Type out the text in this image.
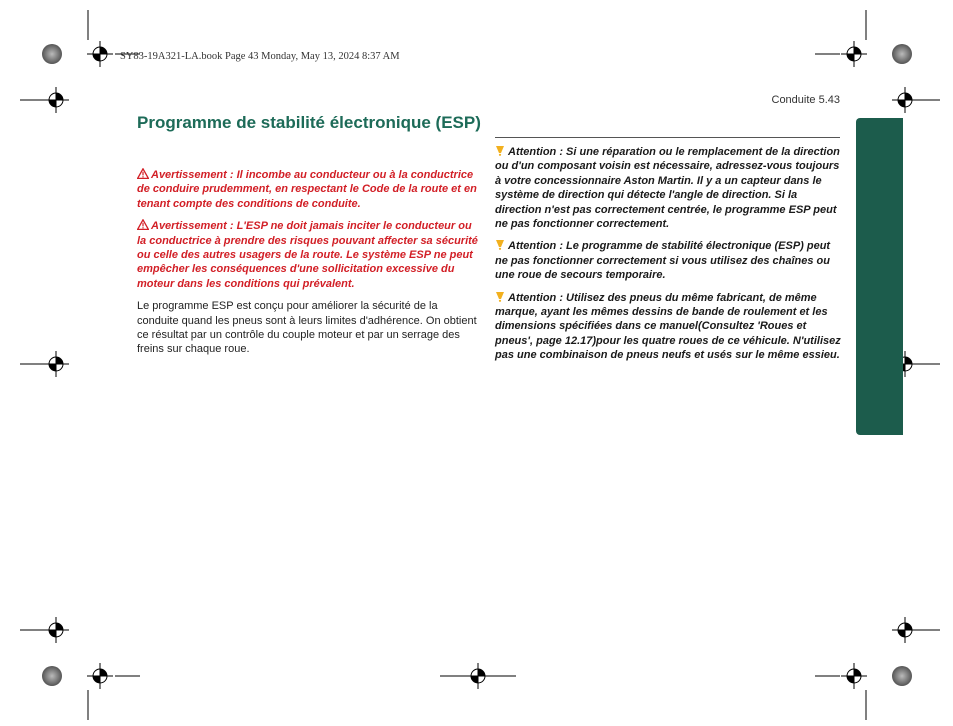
SY83-19A321-LA.book Page 43 Monday, May 13, 2024 8:37 AM
Conduite 5.43
Programme de stabilité électronique (ESP)

Avertissement : Il incombe au conducteur ou à la conductrice de conduire prudemment, en respectant le Code de la route et en tenant compte des conditions de conduite.

Avertissement : L'ESP ne doit jamais inciter le conducteur ou la conductrice à prendre des risques pouvant affecter sa sécurité ou celle des autres usagers de la route. Le système ESP ne peut empêcher les conséquences d'une sollicitation excessive du moteur dans les conditions qui prévalent.

Le programme ESP est conçu pour améliorer la sécurité de la conduite quand les pneus sont à leurs limites d'adhérence. On obtient ce résultat par un contrôle du couple moteur et par un serrage des freins sur chaque roue.

Attention : Si une réparation ou le remplacement de la direction ou d'un composant voisin est nécessaire, adressez-vous toujours à votre concessionnaire Aston Martin. Il y a un capteur dans le système de direction qui détecte l'angle de direction. Si la direction n'est pas correctement centrée, le programme ESP peut ne pas fonctionner correctement.

Attention : Le programme de stabilité électronique (ESP) peut ne pas fonctionner correctement si vous utilisez des chaînes ou une roue de secours temporaire.

Attention : Utilisez des pneus du même fabricant, de même marque, ayant les mêmes dessins de bande de roulement et les dimensions spécifiées dans ce manuel(Consultez 'Roues et pneus', page 12.17)pour les quatre roues de ce véhicule. N'utilisez pas une combinaison de pneus neufs et usés sur le même essieu.
